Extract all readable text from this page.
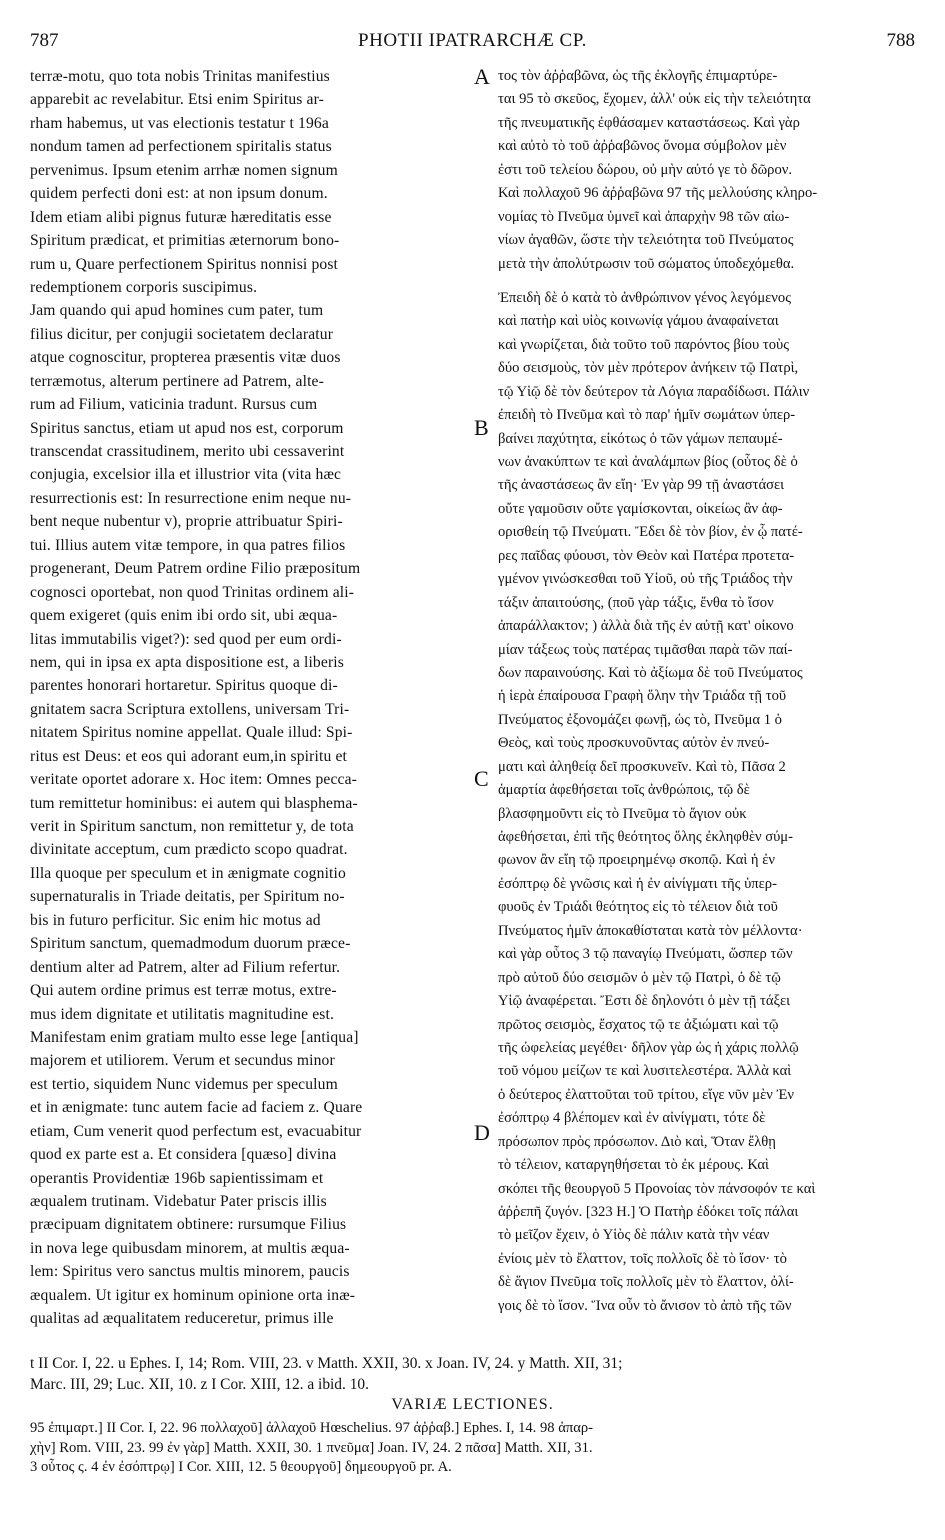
787	PHOTII IPATRARCHÆ CP.	788
terræ-motu, quo tota nobis Trinitas manifestius
apparebit ac revelabitur. Etsi enim Spiritus ar-
rham habemus, ut vas electionis testatur t 196a
nondum tamen ad perfectionem spiritalis status
pervenimus. Ipsum etenim arrhæ nomen signum
quidem perfecti doni est: at non ipsum donum.
Idem etiam alibi pignus futuræ hæreditatis esse
Spiritum prædicat, et primitias æternorum bono-
rum u, Quare perfectionem Spiritus nonnisi post
redemptionem corporis suscipimus.
Jam quando qui apud homines cum pater, tum
filius dicitur, per conjugii societatem declaratur
atque cognoscitur, propterea præsentis vitæ duos
terræmotus, alterum pertinere ad Patrem, alte-
rum ad Filium, vaticinia tradunt. Rursus cum
Spiritus sanctus, etiam ut apud nos est, corporum
transcendat crassitudinem, merito ubi cessaverint
conjugia, excelsior illa et illustrior vita (vita hæc
resurrectionis est: In resurrectione enim neque nu-
bent neque nubentur v), proprie attribuatur Spiri-
tui. Illius autem vitæ tempore, in qua patres filios
progenerant, Deum Patrem ordine Filio præpositum
cognosci oportebat, non quod Trinitas ordinem ali-
quem exigeret (quis enim ibi ordo sit, ubi æqua-
litas immutabilis viget?): sed quod per eum ordi-
nem, qui in ipsa ex apta dispositione est, a liberis
parentes honorari hortaretur. Spiritus quoque di-
gnitatem sacra Scriptura extollens, universam Tri-
nitatem Spiritus nomine appellat. Quale illud: Spi-
ritus est Deus: et eos qui adorant eum,in spiritu et
veritate oportet adorare x. Hoc item: Omnes pecca-
tum remittetur hominibus: ei autem qui blasphema-
verit in Spiritum sanctum, non remittetur y, de tota
divinitate acceptum, cum prædicto scopo quadrat.
Illa quoque per speculum et in ænigmate cognitio
supernaturalis in Triade deitatis, per Spiritum no-
bis in futuro perficitur. Sic enim hic motus ad
Spiritum sanctum, quemadmodum duorum præce-
dentium alter ad Patrem, alter ad Filium refertur.
Qui autem ordine primus est terræ motus, extre-
mus idem dignitate et utilitatis magnitudine est.
Manifestam enim gratiam multo esse lege [antiqua]
majorem et utiliorem. Verum et secundus minor
est tertio, siquidem Nunc videmus per speculum
et in ænigmate: tunc autem facie ad faciem z. Quare
etiam, Cum venerit quod perfectum est, evacuabitur
quod ex parte est a. Et considera [quæso] divina
operantis Providentiæ 196b sapientissimam et
æqualem trutinam. Videbatur Pater priscis illis
præcipuam dignitatem obtinere: rursumque Filius
in nova lege quibusdam minorem, at multis æqua-
lem: Spiritus vero sanctus multis minorem, paucis
æqualem. Ut igitur ex hominum opinione orta inæ-
qualitas ad æqualitatem reduceretur, primus ille
τος τὸν ἀῤῥαβῶνα, ὡς τῆς ἐκλογῆς ἐπιμαρτύρε-
ται 95 τὸ σκεῦος, ἔχομεν, ἀλλ' οὐκ εἰς τὴν τελειότητα
τῆς πνευματικῆς ἐφθάσαμεν καταστάσεως. Καὶ γὰρ
καὶ αὐτὸ τὸ τοῦ ἀῤῥαβῶνος ὄνομα σύμβολον μὲν
ἐστι τοῦ τελείου δώρου, οὐ μὴν αὐτό γε τὸ δῶρον.
Καὶ πολλαχοῦ 96 ἀῤῥαβῶνα 97 τῆς μελλούσης κληρο-
νομίας τὸ Πνεῦμα ὑμνεῖ καὶ ἀπαρχὴν 98 τῶν αἰω-
νίων ἀγαθῶν, ὥστε τὴν τελειότητα τοῦ Πνεύματος
μετὰ τὴν ἀπολύτρωσιν τοῦ σώματος ὑποδεχόμεθα.
Ἐπειδὴ δὲ ὁ κατὰ τὸ ἀνθρώπινον γένος λεγόμενος
καὶ πατὴρ καὶ υἱὸς κοινωνίᾳ γάμου ἀναφαίνεται
καὶ γνωρίζεται, διὰ τοῦτο τοῦ παρόντος βίου τοὺς
δύο σεισμοὺς, τὸν μὲν πρότερον ἀνήκειν τῷ Πατρὶ,
τῷ Υἱῷ δὲ τὸν δεύτερον τὰ Λόγια παραδίδωσι. Πάλιν
ἐπειδὴ τὸ Πνεῦμα καὶ τὸ παρ' ἡμῖν σωμάτων ὑπερ-
βαίνει παχύτητα, εἰκότως ὁ τῶν γάμων πεπαυμέ-
νων ἀνακύπτων τε καὶ ἀναλάμπων βίος (οὗτος δὲ ὁ
τῆς ἀναστάσεως ἂν εἴη· Ἐν γὰρ 99 τῇ ἀναστάσει
οὔτε γαμοῦσιν οὔτε γαμίσκονται, οἰκείως ἂν ἀφ-
ορισθείη τῷ Πνεύματι. Ἔδει δὲ τὸν βίον, ἐν ᾧ πατέ-
ρες παῖδας φύουσι, τὸν Θεὸν καὶ Πατέρα προτετα-
γμένον γινώσκεσθαι τοῦ Υἱοῦ, οὐ τῆς Τριάδος τὴν
τάξιν ἀπαιτούσης, (ποῦ γὰρ τάξις, ἔνθα τὸ ἴσον
ἀπαράλλακτον; ) ἀλλὰ διὰ τῆς ἐν αὐτῇ κατ' οἰκονο
μίαν τάξεως τοὺς πατέρας τιμᾶσθαι παρὰ τῶν παί-
δων παραινούσης. Καὶ τὸ ἀξίωμα δὲ τοῦ Πνεύματος
ἡ ἱερὰ ἐπαίρουσα Γραφὴ ὅλην τὴν Τριάδα τῇ τοῦ
Πνεύματος ἐξονομάζει φωνῇ, ὡς τὸ, Πνεῦμα 1 ὁ
Θεὸς, καὶ τοὺς προσκυνοῦντας αὐτὸν ἐν πνεύ-
ματι καὶ ἀληθείᾳ δεῖ προσκυνεῖν. Καὶ τὸ, Πᾶσα 2
ἁμαρτία ἀφεθήσεται τοῖς ἀνθρώποις, τῷ δὲ
βλασφημοῦντι εἰς τὸ Πνεῦμα τὸ ἅγιον οὐκ
ἀφεθήσεται, ἐπὶ τῆς θεότητος ὅλης ἐκληφθὲν σύμ-
φωνον ἂν εἴη τῷ προειρημένῳ σκοπῷ. Καὶ ἡ ἐν
ἐσόπτρῳ δὲ γνῶσις καὶ ἡ ἐν αἰνίγματι τῆς ὑπερ-
φυοῦς ἐν Τριάδι θεότητος εἰς τὸ τέλειον διὰ τοῦ
Πνεύματος ἡμῖν ἀποκαθίσταται κατὰ τὸν μέλλοντα·
καὶ γὰρ οὗτος 3 τῷ παναγίῳ Πνεύματι, ὥσπερ τῶν
πρὸ αὐτοῦ δύο σεισμῶν ὁ μὲν τῷ Πατρὶ, ὁ δὲ τῷ
Υἱῷ ἀναφέρεται. Ἔστι δὲ δηλονότι ὁ μὲν τῇ τάξει
πρῶτος σεισμὸς, ἔσχατος τῷ τε ἀξιώματι καὶ τῷ
τῆς ὠφελείας μεγέθει· δῆλον γὰρ ὡς ἡ χάρις πολλῷ
τοῦ νόμου μείζων τε καὶ λυσιτελεστέρα. Ἀλλὰ καὶ
ὁ δεύτερος ἐλαττοῦται τοῦ τρίτου, εἴγε νῦν μὲν Ἐν
ἐσόπτρῳ 4 βλέπομεν καὶ ἐν αἰνίγματι, τότε δὲ
πρόσωπον πρὸς πρόσωπον. Διὸ καὶ, Ὅταν ἔλθῃ
τὸ τέλειον, καταργηθήσεται τὸ ἐκ μέρους. Καὶ
σκόπει τῆς θεουργοῦ 5 Προνοίας τὸν πάνσοφόν τε καὶ
ἀῤῥεπῆ ζυγόν. [323 H.] Ὁ Πατὴρ ἐδόκει τοῖς πάλαι
τὸ μεῖζον ἔχειν, ὁ Υἱὸς δὲ πάλιν κατὰ τὴν νέαν
ἐνίοις μὲν τὸ ἔλαττον, τοῖς πολλοῖς δὲ τὸ ἴσον· τὸ
δὲ ἅγιον Πνεῦμα τοῖς πολλοῖς μὲν τὸ ἔλαττον, ὀλί-
γοις δὲ τὸ ἴσον. Ἵνα οὖν τὸ ἄνισον τὸ ἀπὸ τῆς τῶν
A
B
C
D
t II Cor. I, 22. u Ephes. I, 14; Rom. VIII, 23. v Matth. XXII, 30. x Joan. IV, 24. y Matth. XII, 31;
Marc. III, 29; Luc. XII, 10. z I Cor. XIII, 12. a ibid. 10.
VARIÆ LECTIONES.
95 ἐπιμαρτ.] II Cor. I, 22. 96 πολλαχοῦ] ἀλλαχοῦ Hœschelius. 97 ἀῤῥαβ.] Ephes. I, 14. 98 ἀπαρ-
χὴν] Rom. VIII, 23. 99 ἐν γὰρ] Matth. XXII, 30. 1 πνεῦμα] Joan. IV, 24. 2 πᾶσα] Matth. XII, 31.
3 οὗτος ς. 4 ἐν ἐσόπτρῳ] I Cor. XIII, 12. 5 θεουργοῦ] δημεουργοῦ pr. A.
